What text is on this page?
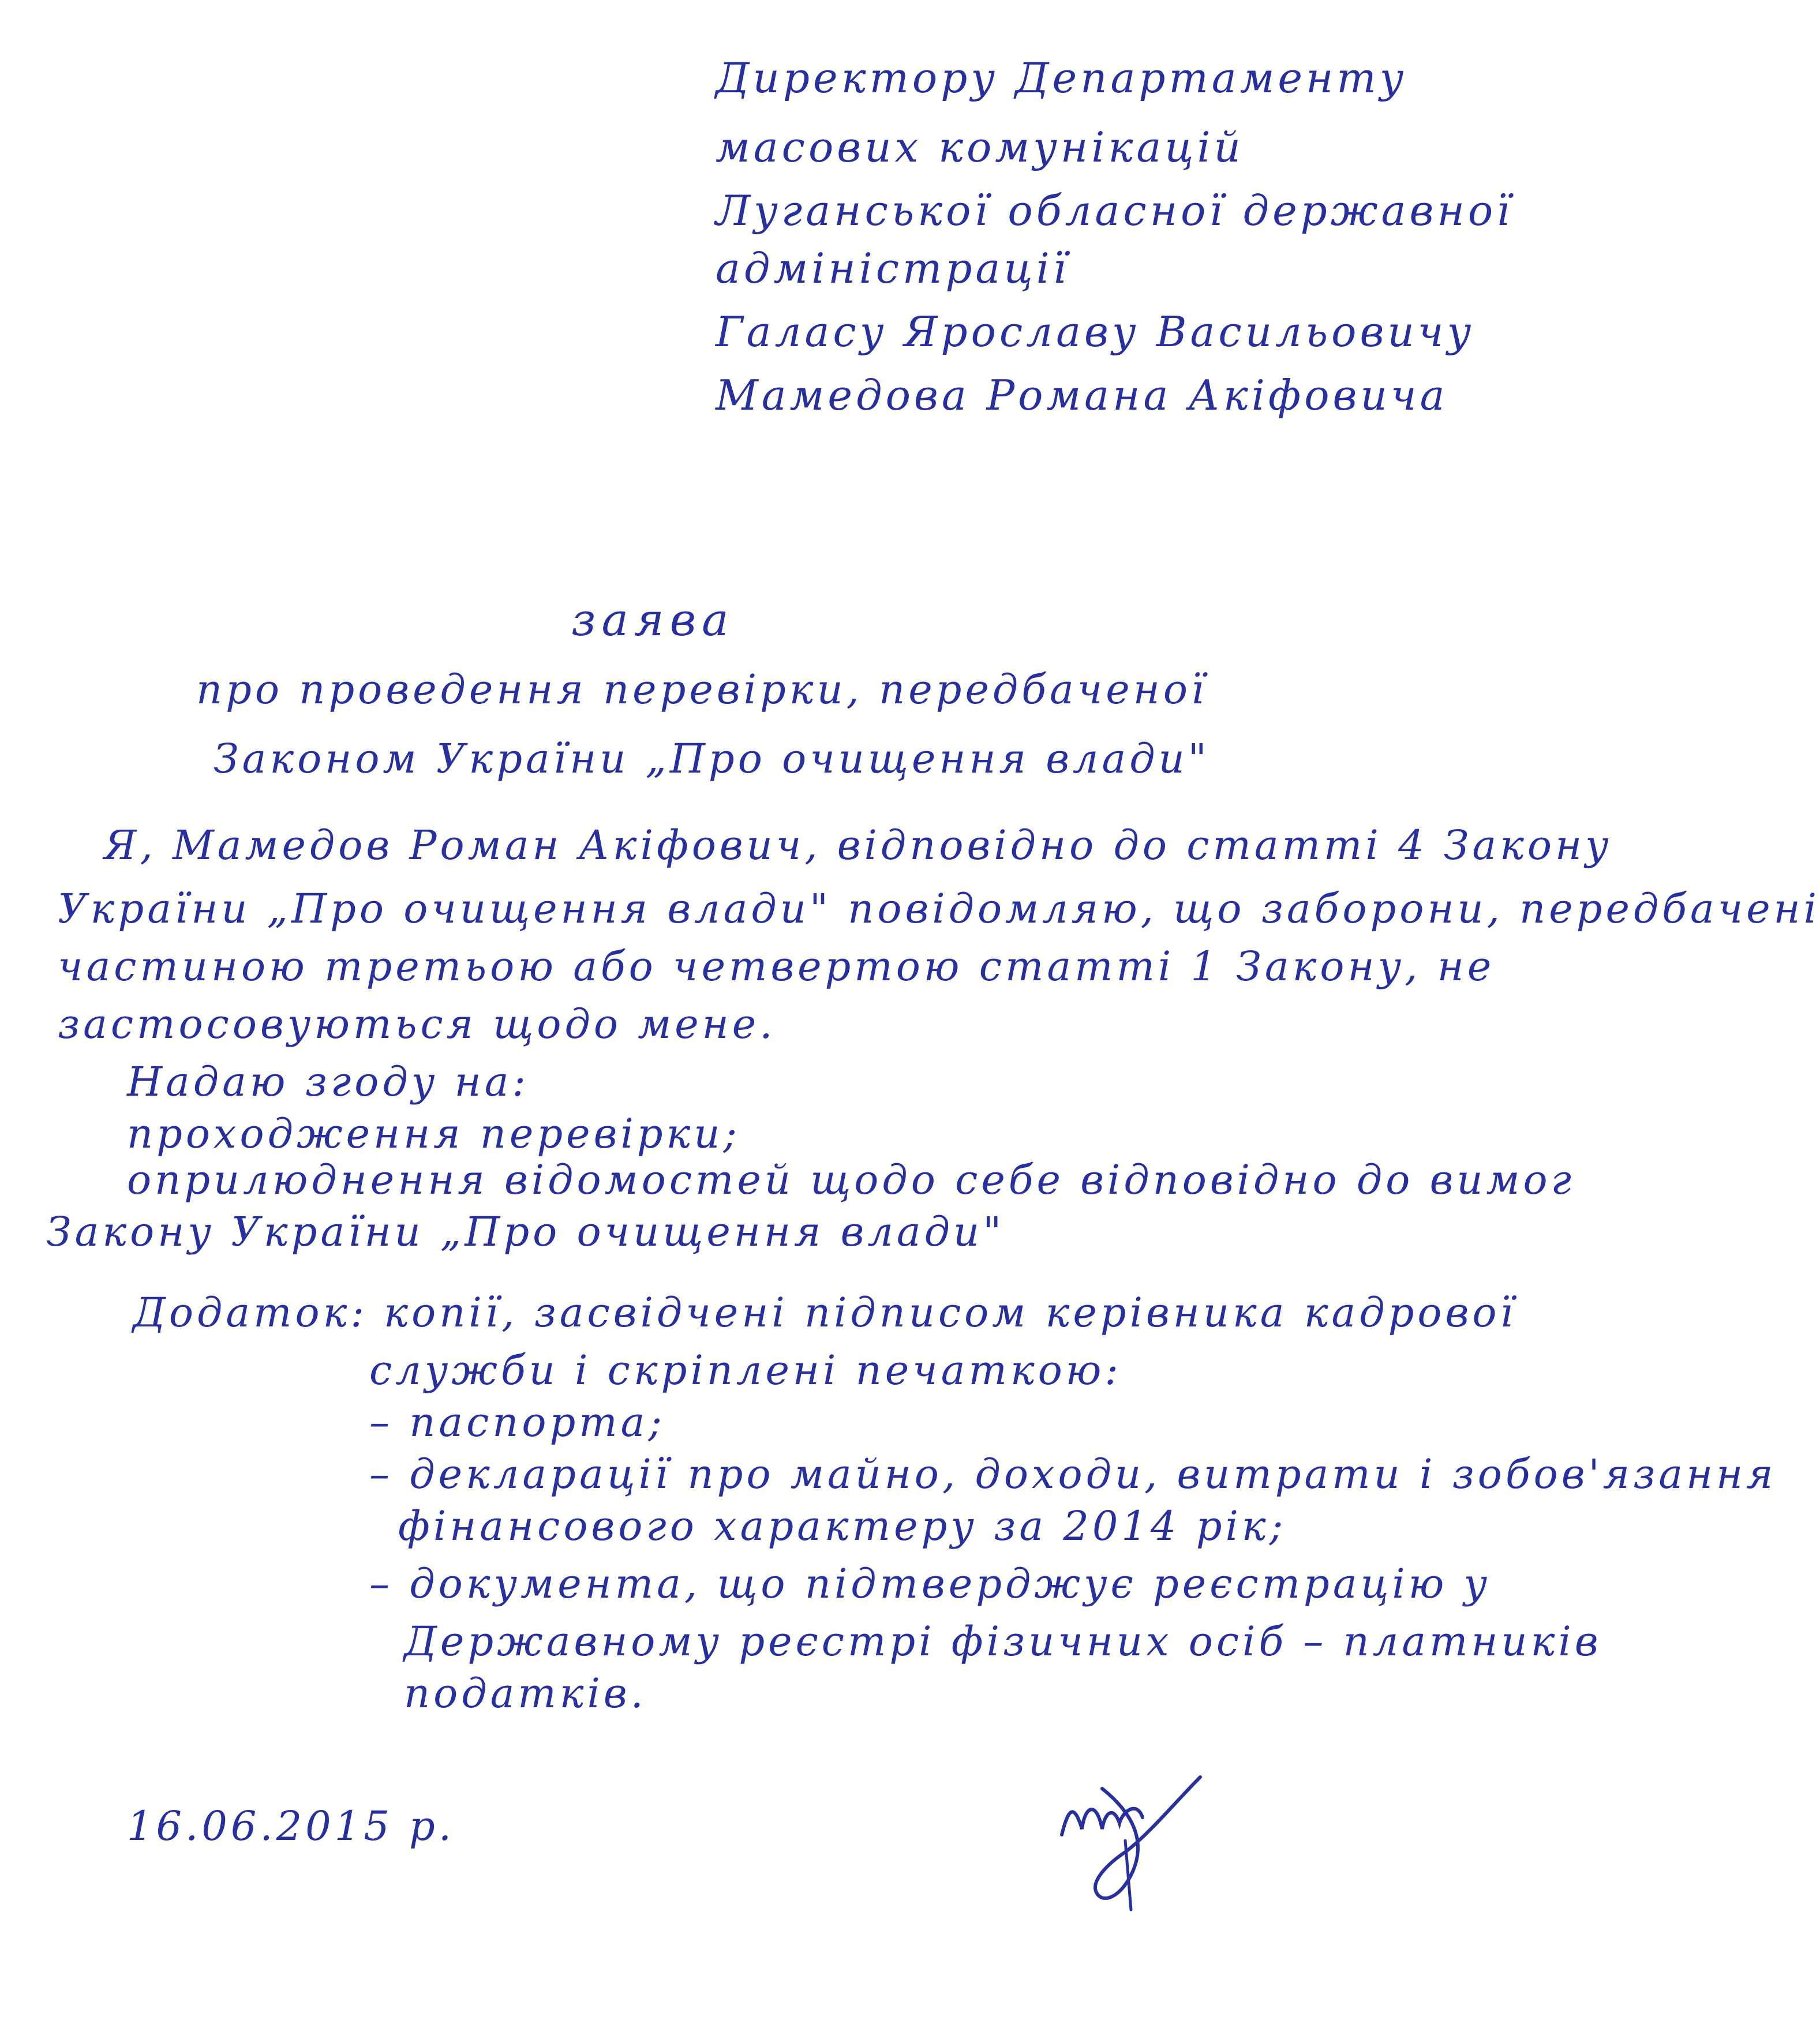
Директору Департаменту
масових комунікацій
Луганської обласної державної
адміністрації
Галасу Ярославу Васильовичу
Мамедова Романа Акіфовича
заява
про проведення перевірки, передбаченої
Законом України „Про очищення влади"
Я, Мамедов Роман Акіфович, відповідно до статті 4 Закону
України „Про очищення влади" повідомляю, що заборони, передбачені
частиною третьою або четвертою статті 1 Закону, не
застосовуються щодо мене.
Надаю згоду на:
проходження перевірки;
оприлюднення відомостей щодо себе відповідно до вимог
Закону України „Про очищення влади"
Додаток: копії, засвідчені підписом керівника кадрової
служби і скріплені печаткою:
– паспорта;
– декларації про майно, доходи, витрати і зобов'язання
фінансового характеру за 2014 рік;
– документа, що підтверджує реєстрацію у
Державному реєстрі фізичних осіб – платників
податків.
16.06.2015 р.
